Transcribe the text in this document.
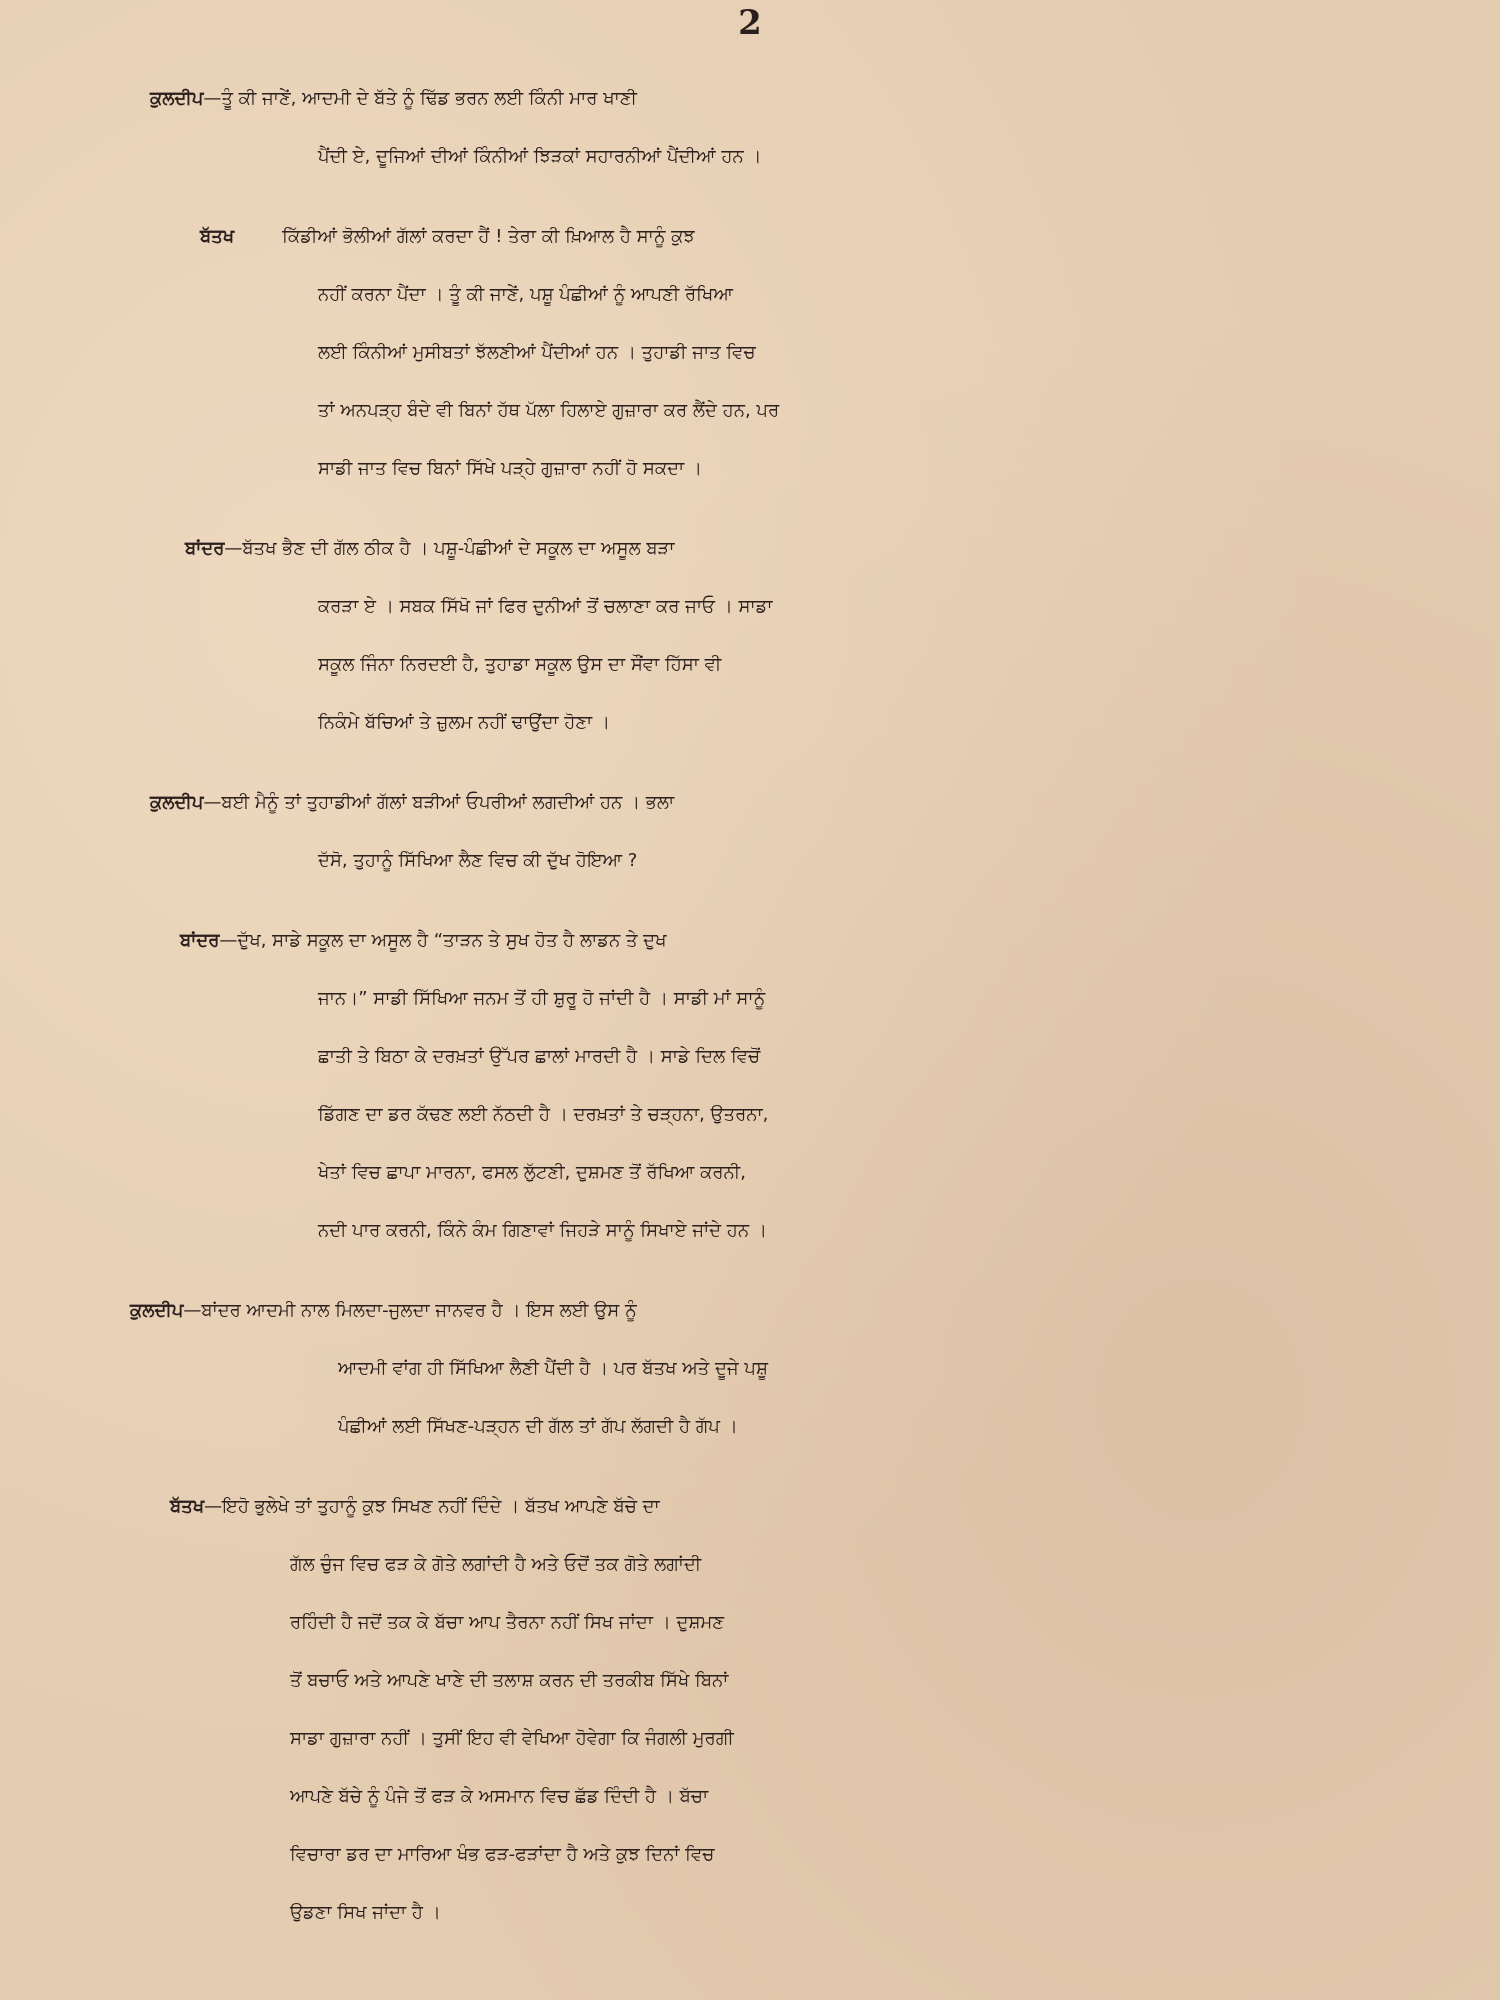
2
ਕੁਲਦੀਪ—ਤੂੰ ਕੀ ਜਾਣੇਂ, ਆਦਮੀ ਦੇ ਬੱਤੇ ਨੂੰ ਢਿੱਡ ਭਰਨ ਲਈ ਕਿੰਨੀ ਮਾਰ ਖਾਣੀ
ਪੈਂਦੀ ਏ, ਦੂਜਿਆਂ ਦੀਆਂ ਕਿੰਨੀਆਂ ਝਿੜਕਾਂ ਸਹਾਰਨੀਆਂ ਪੈਂਦੀਆਂ ਹਨ ।
ਬੱਤਖ	ਕਿੱਡੀਆਂ ਭੋਲੀਆਂ ਗੱਲਾਂ ਕਰਦਾ ਹੈਂ ! ਤੇਰਾ ਕੀ ਖ਼ਿਆਲ ਹੈ ਸਾਨੂੰ ਕੁਝ
ਨਹੀਂ ਕਰਨਾ ਪੈਂਦਾ । ਤੂੰ ਕੀ ਜਾਣੇਂ, ਪਸ਼ੂ ਪੰਛੀਆਂ ਨੂੰ ਆਪਣੀ ਰੱਖਿਆ
ਲਈ ਕਿੰਨੀਆਂ ਮੁਸੀਬਤਾਂ ਝੱਲਣੀਆਂ ਪੈਂਦੀਆਂ ਹਨ । ਤੁਹਾਡੀ ਜਾਤ ਵਿਚ
ਤਾਂ ਅਨਪੜ੍ਹ ਬੰਦੇ ਵੀ ਬਿਨਾਂ ਹੱਥ ਪੱਲਾ ਹਿਲਾਏ ਗੁਜ਼ਾਰਾ ਕਰ ਲੈਂਦੇ ਹਨ, ਪਰ
ਸਾਡੀ ਜਾਤ ਵਿਚ ਬਿਨਾਂ ਸਿੱਖੇ ਪੜ੍ਹੇ ਗੁਜ਼ਾਰਾ ਨਹੀਂ ਹੋ ਸਕਦਾ ।
ਬਾਂਦਰ—ਬੱਤਖ ਭੈਣ ਦੀ ਗੱਲ ਠੀਕ ਹੈ । ਪਸ਼ੂ-ਪੰਛੀਆਂ ਦੇ ਸਕੂਲ ਦਾ ਅਸੂਲ ਬੜਾ
ਕਰੜਾ ਏ । ਸਬਕ ਸਿੱਖੋ ਜਾਂ ਫਿਰ ਦੁਨੀਆਂ ਤੋਂ ਚਲਾਣਾ ਕਰ ਜਾਓ । ਸਾਡਾ
ਸਕੂਲ ਜਿੰਨਾ ਨਿਰਦਈ ਹੈ, ਤੁਹਾਡਾ ਸਕੂਲ ਉਸ ਦਾ ਸੌਂਵਾ ਹਿੱਸਾ ਵੀ
ਨਿਕੰਮੇ ਬੱਚਿਆਂ ਤੇ ਜ਼ੁਲਮ ਨਹੀਂ ਢਾਉਂਦਾ ਹੋਣਾ ।
ਕੁਲਦੀਪ—ਬਈ ਮੈਨੂੰ ਤਾਂ ਤੁਹਾਡੀਆਂ ਗੱਲਾਂ ਬੜੀਆਂ ਓਪਰੀਆਂ ਲਗਦੀਆਂ ਹਨ । ਭਲਾ
ਦੱਸੋ, ਤੁਹਾਨੂੰ ਸਿੱਖਿਆ ਲੈਣ ਵਿਚ ਕੀ ਦੁੱਖ ਹੋਇਆ ?
ਬਾਂਦਰ—ਦੁੱਖ, ਸਾਡੇ ਸਕੂਲ ਦਾ ਅਸੂਲ ਹੈ “ਤਾੜਨ ਤੇ ਸੁਖ ਹੋਤ ਹੈ ਲਾਡਨ ਤੇ ਦੁਖ
ਜਾਨ।” ਸਾਡੀ ਸਿੱਖਿਆ ਜਨਮ ਤੋਂ ਹੀ ਸ਼ੁਰੂ ਹੋ ਜਾਂਦੀ ਹੈ । ਸਾਡੀ ਮਾਂ ਸਾਨੂੰ
ਛਾਤੀ ਤੇ ਬਿਠਾ ਕੇ ਦਰਖ਼ਤਾਂ ਉੱਪਰ ਛਾਲਾਂ ਮਾਰਦੀ ਹੈ । ਸਾਡੇ ਦਿਲ ਵਿਚੋਂ
ਡਿੱਗਣ ਦਾ ਡਰ ਕੱਢਣ ਲਈ ਨੱਠਦੀ ਹੈ । ਦਰਖ਼ਤਾਂ ਤੇ ਚੜ੍ਹਨਾ, ਉਤਰਨਾ,
ਖੇਤਾਂ ਵਿਚ ਛਾਪਾ ਮਾਰਨਾ, ਫਸਲ ਲੁੱਟਣੀ, ਦੁਸ਼ਮਣ ਤੋਂ ਰੱਖਿਆ ਕਰਨੀ,
ਨਦੀ ਪਾਰ ਕਰਨੀ, ਕਿੰਨੇ ਕੰਮ ਗਿਣਾਵਾਂ ਜਿਹੜੇ ਸਾਨੂੰ ਸਿਖਾਏ ਜਾਂਦੇ ਹਨ ।
ਕੁਲਦੀਪ—ਬਾਂਦਰ ਆਦਮੀ ਨਾਲ ਮਿਲਦਾ-ਜੁਲਦਾ ਜਾਨਵਰ ਹੈ । ਇਸ ਲਈ ਉਸ ਨੂੰ
ਆਦਮੀ ਵਾਂਗ ਹੀ ਸਿੱਖਿਆ ਲੈਣੀ ਪੈਂਦੀ ਹੈ । ਪਰ ਬੱਤਖ ਅਤੇ ਦੂਜੇ ਪਸ਼ੂ
ਪੰਛੀਆਂ ਲਈ ਸਿੱਖਣ-ਪੜ੍ਹਨ ਦੀ ਗੱਲ ਤਾਂ ਗੱਪ ਲੱਗਦੀ ਹੈ ਗੱਪ ।
ਬੱਤਖ—ਇਹੋ ਭੁਲੇਖੇ ਤਾਂ ਤੁਹਾਨੂੰ ਕੁਝ ਸਿਖਣ ਨਹੀਂ ਦਿੰਦੇ । ਬੱਤਖ ਆਪਣੇ ਬੱਚੇ ਦਾ
ਗੱਲ ਚੁੰਜ ਵਿਚ ਫੜ ਕੇ ਗੋਤੇ ਲਗਾਂਦੀ ਹੈ ਅਤੇ ਓਦੋਂ ਤਕ ਗੋਤੇ ਲਗਾਂਦੀ
ਰਹਿੰਦੀ ਹੈ ਜਦੋਂ ਤਕ ਕੇ ਬੱਚਾ ਆਪ ਤੈਰਨਾ ਨਹੀਂ ਸਿਖ ਜਾਂਦਾ । ਦੁਸ਼ਮਣ
ਤੋਂ ਬਚਾਓ ਅਤੇ ਆਪਣੇ ਖਾਣੇ ਦੀ ਤਲਾਸ਼ ਕਰਨ ਦੀ ਤਰਕੀਬ ਸਿੱਖੇ ਬਿਨਾਂ
ਸਾਡਾ ਗੁਜ਼ਾਰਾ ਨਹੀਂ । ਤੁਸੀਂ ਇਹ ਵੀ ਵੇਖਿਆ ਹੋਵੇਗਾ ਕਿ ਜੰਗਲੀ ਮੁਰਗੀ
ਆਪਣੇ ਬੱਚੇ ਨੂੰ ਪੰਜੇ ਤੋਂ ਫੜ ਕੇ ਅਸਮਾਨ ਵਿਚ ਛੱਡ ਦਿੰਦੀ ਹੈ । ਬੱਚਾ
ਵਿਚਾਰਾ ਡਰ ਦਾ ਮਾਰਿਆ ਖੰਭ ਫੜ-ਫੜਾਂਦਾ ਹੈ ਅਤੇ ਕੁਝ ਦਿਨਾਂ ਵਿਚ
ਉਡਣਾ ਸਿਖ ਜਾਂਦਾ ਹੈ ।
